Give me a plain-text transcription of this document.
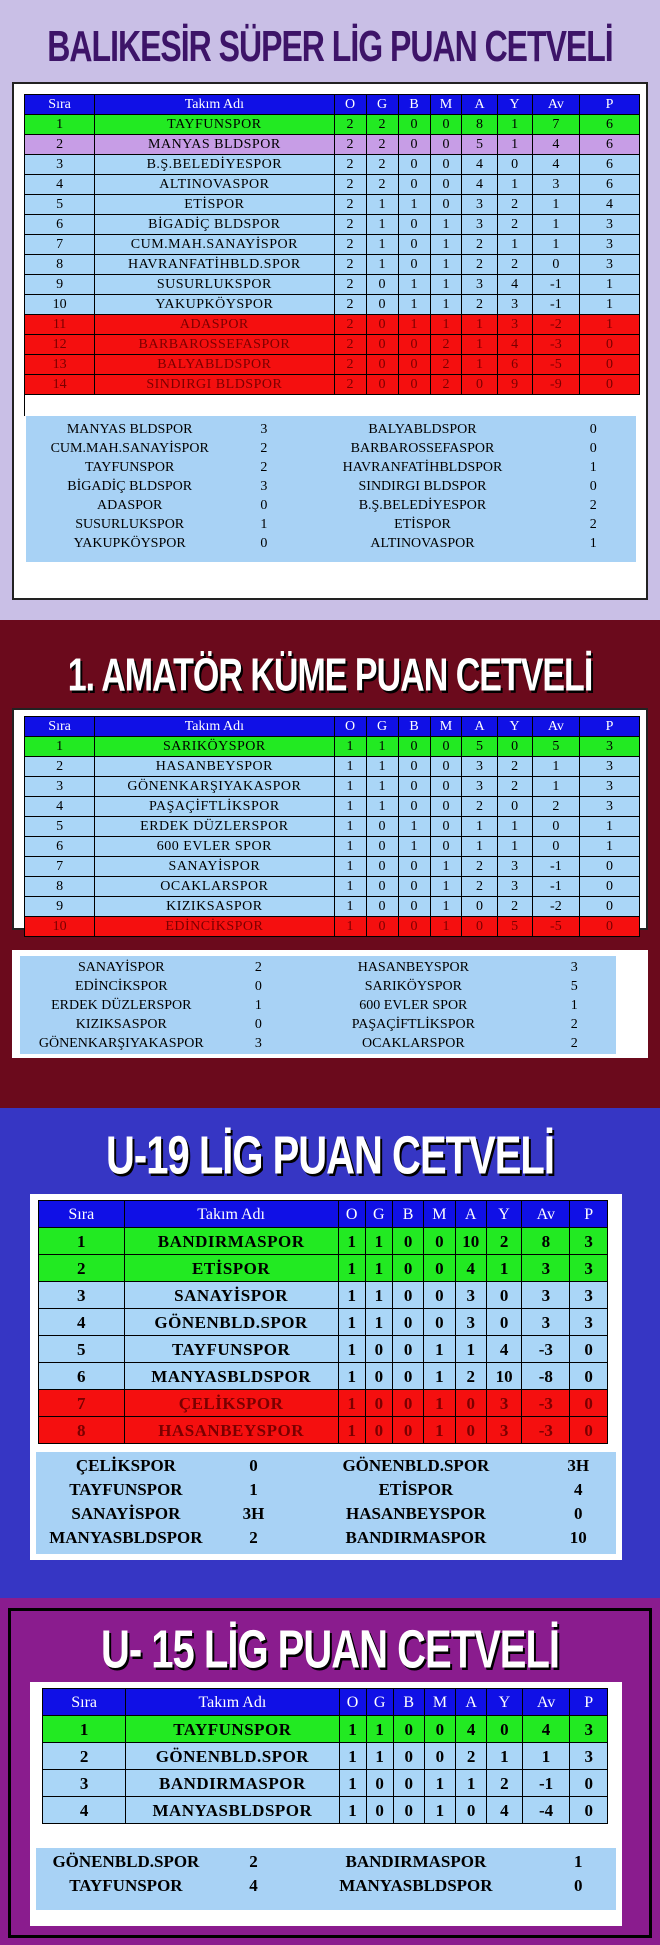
BALIKESİR SÜPER LİG PUAN CETVELİ
Sıra	Takım Adı	O	G	B	M	A	Y	Av	P
1	TAYFUNSPOR	2	2	0	0	8	1	7	6
2	MANYAS BLDSPOR	2	2	0	0	5	1	4	6
3	B.Ş.BELEDİYESPOR	2	2	0	0	4	0	4	6
4	ALTINOVASPOR	2	2	0	0	4	1	3	6
5	ETİSPOR	2	1	1	0	3	2	1	4
6	BİGADİÇ BLDSPOR	2	1	0	1	3	2	1	3
7	CUM.MAH.SANAYİSPOR	2	1	0	1	2	1	1	3
8	HAVRANFATİHBLD.SPOR	2	1	0	1	2	2	0	3
9	SUSURLUKSPOR	2	0	1	1	3	4	-1	1
10	YAKUPKÖYSPOR	2	0	1	1	2	3	-1	1
11	ADASPOR	2	0	1	1	1	3	-2	1
12	BARBAROSSEFASPOR	2	0	0	2	1	4	-3	0
13	BALYABLDSPOR	2	0	0	2	1	6	-5	0
14	SINDIRGI BLDSPOR	2	0	0	2	0	9	-9	0
MANYAS BLDSPOR	3	BALYABLDSPOR	0
CUM.MAH.SANAYİSPOR	2	BARBAROSSEFASPOR	0
TAYFUNSPOR	2	HAVRANFATİHBLDSPOR	1
BİGADİÇ BLDSPOR	3	SINDIRGI BLDSPOR	0
ADASPOR	0	B.Ş.BELEDİYESPOR	2
SUSURLUKSPOR	1	ETİSPOR	2
YAKUPKÖYSPOR	0	ALTINOVASPOR	1
1. AMATÖR KÜME PUAN CETVELİ
Sıra	Takım Adı	O	G	B	M	A	Y	Av	P
1	SARIKÖYSPOR	1	1	0	0	5	0	5	3
2	HASANBEYSPOR	1	1	0	0	3	2	1	3
3	GÖNENKARŞIYAKASPOR	1	1	0	0	3	2	1	3
4	PAŞAÇİFTLİKSPOR	1	1	0	0	2	0	2	3
5	ERDEK DÜZLERSPOR	1	0	1	0	1	1	0	1
6	600 EVLER SPOR	1	0	1	0	1	1	0	1
7	SANAYİSPOR	1	0	0	1	2	3	-1	0
8	OCAKLARSPOR	1	0	0	1	2	3	-1	0
9	KIZIKSASPOR	1	0	0	1	0	2	-2	0
10	EDİNCİKSPOR	1	0	0	1	0	5	-5	0
SANAYİSPOR	2	HASANBEYSPOR	3
EDİNCİKSPOR	0	SARIKÖYSPOR	5
ERDEK DÜZLERSPOR	1	600 EVLER SPOR	1
KIZIKSASPOR	0	PAŞAÇİFTLİKSPOR	2
GÖNENKARŞIYAKASPOR	3	OCAKLARSPOR	2
U-19 LİG PUAN CETVELİ
Sıra	Takım Adı	O	G	B	M	A	Y	Av	P
1	BANDIRMASPOR	1	1	0	0	10	2	8	3
2	ETİSPOR	1	1	0	0	4	1	3	3
3	SANAYİSPOR	1	1	0	0	3	0	3	3
4	GÖNENBLD.SPOR	1	1	0	0	3	0	3	3
5	TAYFUNSPOR	1	0	0	1	1	4	-3	0
6	MANYASBLDSPOR	1	0	0	1	2	10	-8	0
7	ÇELİKSPOR	1	0	0	1	0	3	-3	0
8	HASANBEYSPOR	1	0	0	1	0	3	-3	0
ÇELİKSPOR	0	GÖNENBLD.SPOR	3H
TAYFUNSPOR	1	ETİSPOR	4
SANAYİSPOR	3H	HASANBEYSPOR	0
MANYASBLDSPOR	2	BANDIRMASPOR	10
U- 15 LİG PUAN CETVELİ
Sıra	Takım Adı	O	G	B	M	A	Y	Av	P
1	TAYFUNSPOR	1	1	0	0	4	0	4	3
2	GÖNENBLD.SPOR	1	1	0	0	2	1	1	3
3	BANDIRMASPOR	1	0	0	1	1	2	-1	0
4	MANYASBLDSPOR	1	0	0	1	0	4	-4	0
GÖNENBLD.SPOR	2	BANDIRMASPOR	1
TAYFUNSPOR	4	MANYASBLDSPOR	0
